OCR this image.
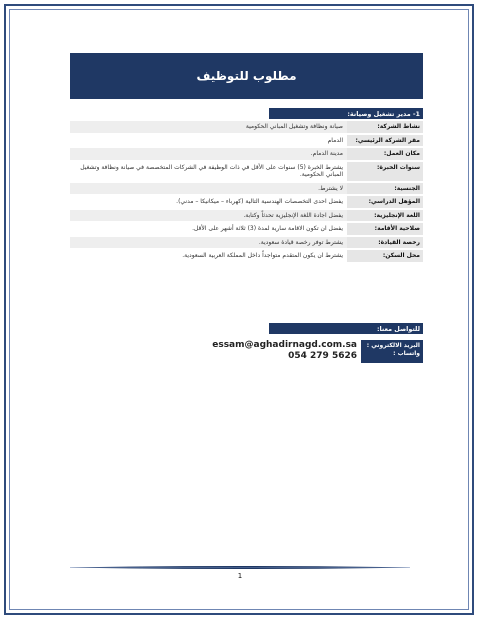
مطلوب للتوظيف
1- مدير تشغيل وصيانة:
نشاط الشركة:
صيانة ونظافة وتشغيل المباني الحكومية
مقر الشركة الرئيسي:
الدمام
مكان العمل:
مدينة الدمام.
سنوات الخبرة:
يشترط الخبرة (5) سنوات على الأقل في ذات الوظيفة في الشركات المتخصصة في صيانة ونظافة وتشغيل المباني الحكومية.
الجنسية:
لا يشترط.
المؤهل الدراسي:
يفضل احدى التخصصات الهندسية التالية (كهرباء – ميكانيكا – مدني).
اللغة الإنجليزية:
يفضل اجادة اللغة الإنجليزية تحدثاً وكتابة.
صلاحية الأقامة:
يفضل ان تكون الاقامة سارية لمدة (3) ثلاثة أشهر على الأقل.
رخصة القيادة:
يشترط توفر رخصة قيادة سعودية.
محل السكن:
يشترط ان يكون المتقدم متواجداً داخل المملكة العربية السعودية.
للتواصل معنا:
البريد الالكتروني :
واتساب :
essam@aghadirnagd.com.sa
054 279 5626
1
